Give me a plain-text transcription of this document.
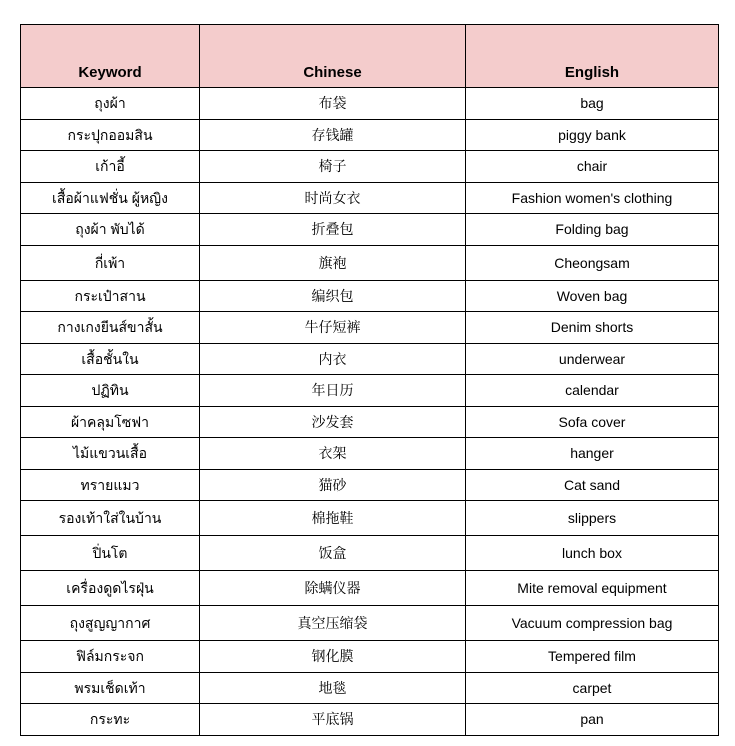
Keyword	Chinese	English
ถุงผ้า	布袋	bag
กระปุกออมสิน	存钱罐	piggy bank
เก้าอี้	椅子	chair
เสื้อผ้าแฟชั่น ผู้หญิง	时尚女衣	Fashion women's clothing
ถุงผ้า พับได้	折叠包	Folding bag
กี่เพ้า	旗袍	Cheongsam
กระเป๋าสาน	编织包	Woven bag
กางเกงยีนส์ขาสั้น	牛仔短裤	Denim shorts
เสื้อชั้นใน	内衣	underwear
ปฏิทิน	年日历	calendar
ผ้าคลุมโซฟา	沙发套	Sofa cover
ไม้แขวนเสื้อ	衣架	hanger
ทรายแมว	猫砂	Cat sand
รองเท้าใส่ในบ้าน	棉拖鞋	slippers
ปิ่นโต	饭盒	lunch box
เครื่องดูดไรฝุ่น	除螨仪器	Mite removal equipment
ถุงสูญญากาศ	真空压缩袋	Vacuum compression bag
ฟิล์มกระจก	钢化膜	Tempered film
พรมเช็ดเท้า	地毯	carpet
กระทะ	平底锅	pan
